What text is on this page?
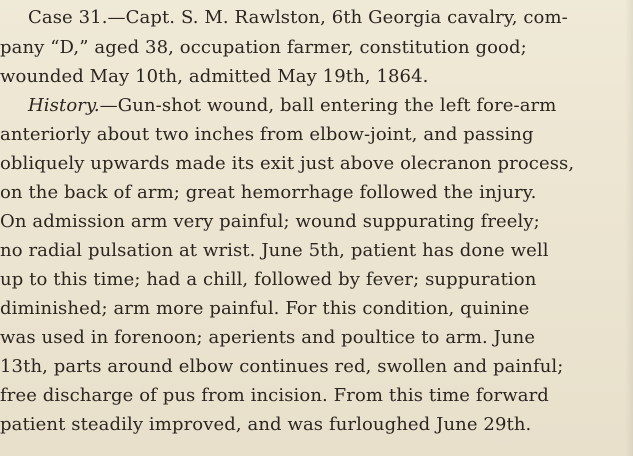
Case 31.—Capt. S. M. Rawlston, 6th Georgia cavalry, com-
pany “D,” aged 38, occupation farmer, constitution good;
wounded May 10th, admitted May 19th, 1864.
History.—Gun-shot wound, ball entering the left fore-arm
anteriorly about two inches from elbow-joint, and passing
obliquely upwards made its exit just above olecranon process,
on the back of arm; great hemorrhage followed the injury.
On admission arm very painful; wound suppurating freely;
no radial pulsation at wrist. June 5th, patient has done well
up to this time; had a chill, followed by fever; suppuration
diminished; arm more painful. For this condition, quinine
was used in forenoon; aperients and poultice to arm. June
13th, parts around elbow continues red, swollen and painful;
free discharge of pus from incision. From this time forward
patient steadily improved, and was furloughed June 29th.
